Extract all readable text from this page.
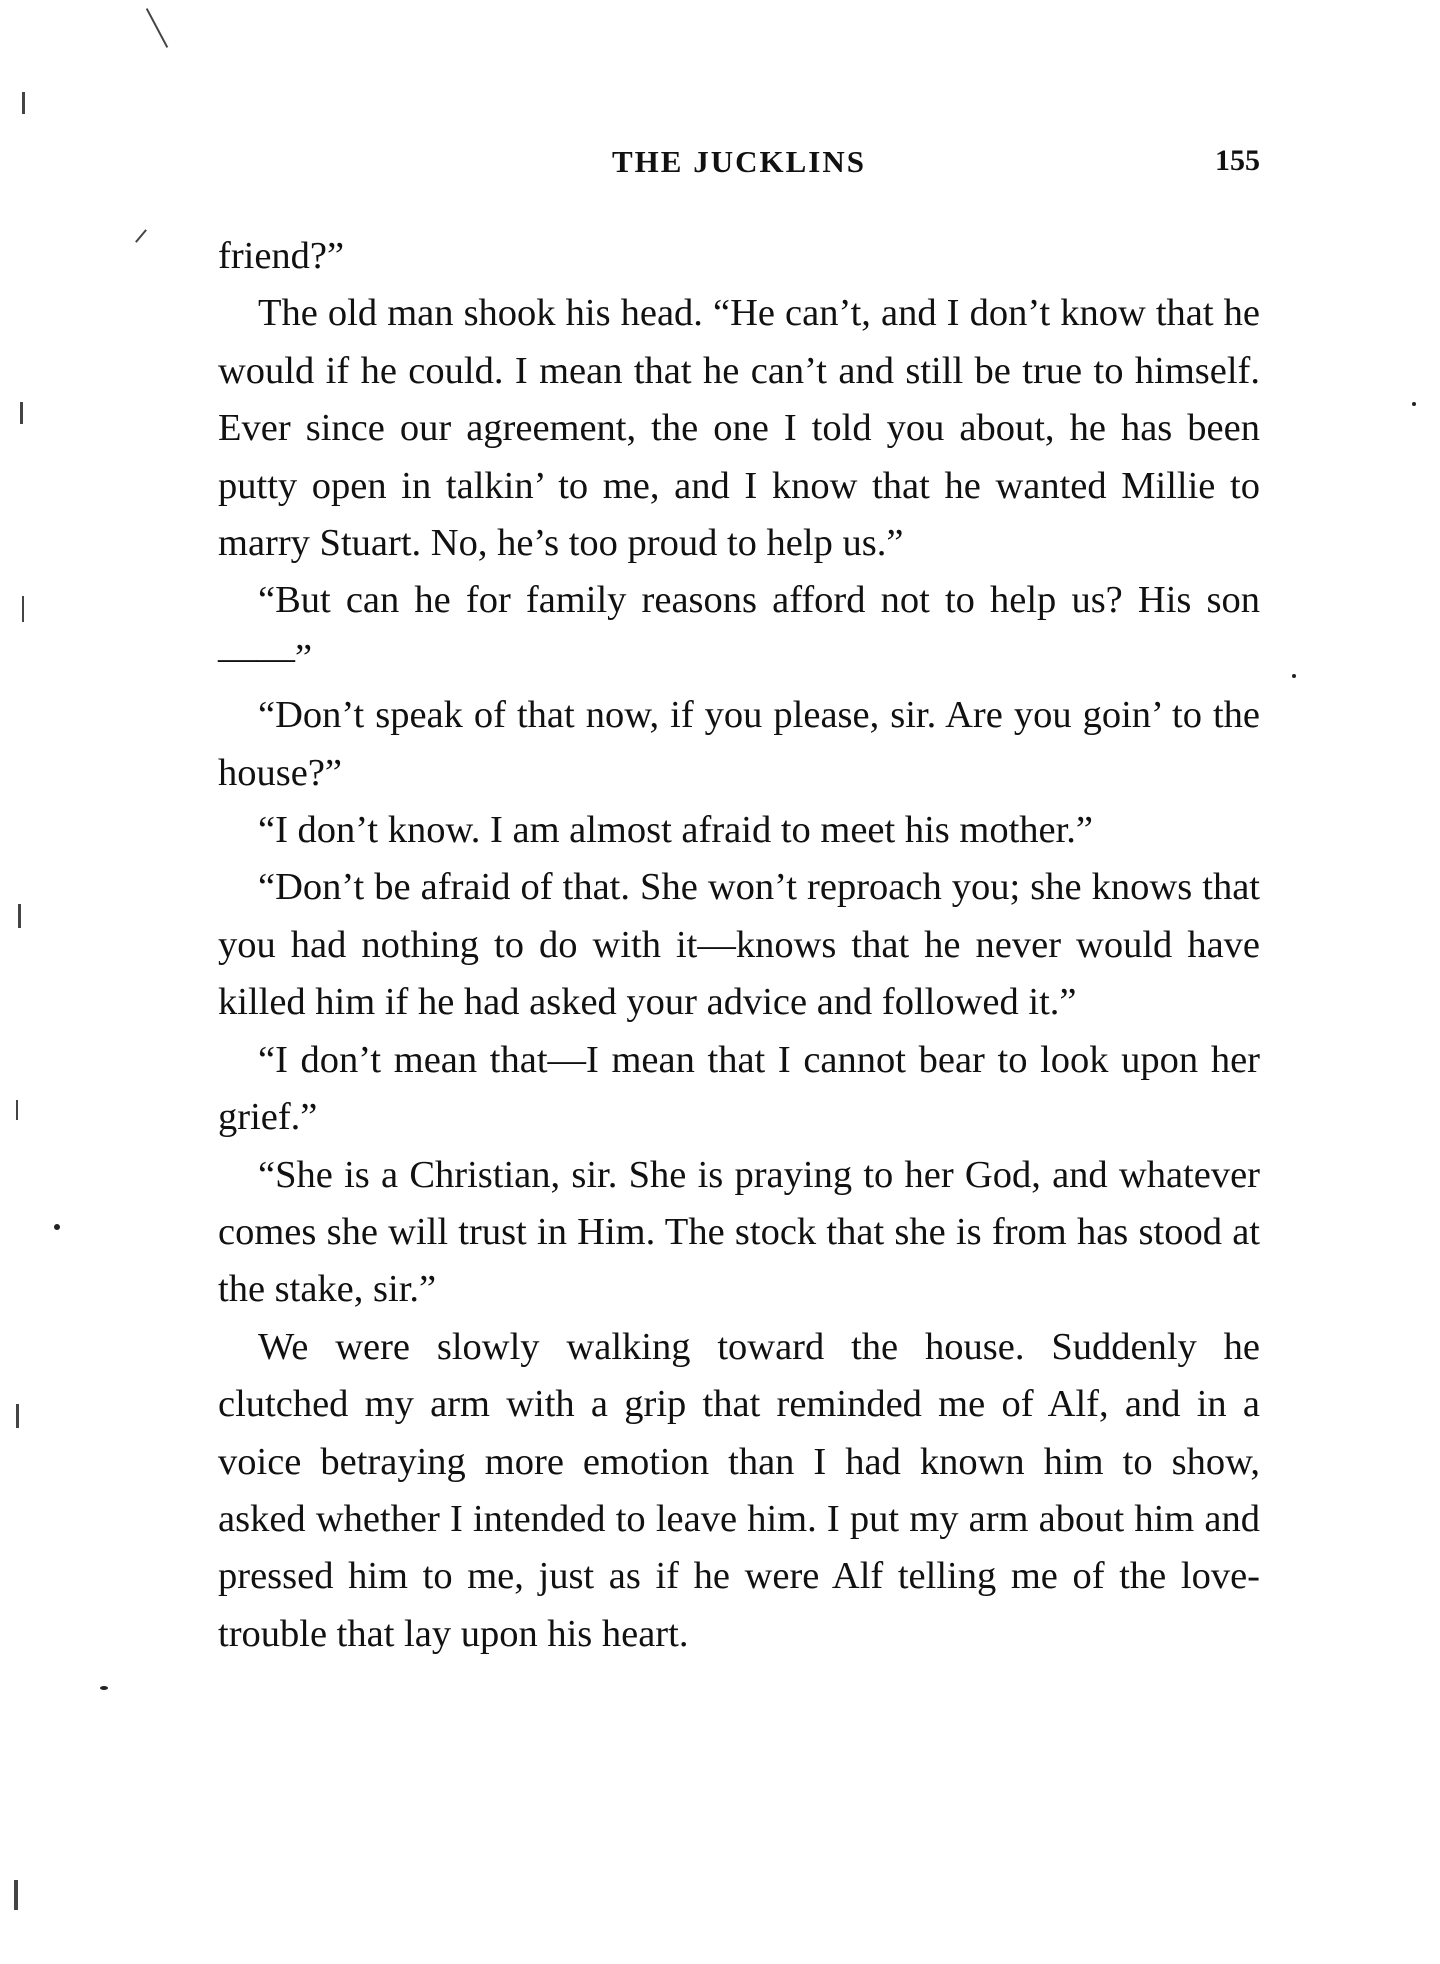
THE JUCKLINS	155

friend?”

The old man shook his head. “He can’t, and I don’t know that he would if he could. I mean that he can’t and still be true to himself. Ever since our agreement, the one I told you about, he has been putty open in talkin’ to me, and I know that he wanted Millie to marry Stuart. No, he’s too proud to help us.”

“But can he for family reasons afford not to help us? His son——”

“Don’t speak of that now, if you please, sir. Are you goin’ to the house?”

“I don’t know. I am almost afraid to meet his mother.”

“Don’t be afraid of that. She won’t reproach you; she knows that you had nothing to do with it—knows that he never would have killed him if he had asked your advice and followed it.”

“I don’t mean that—I mean that I cannot bear to look upon her grief.”

“She is a Christian, sir. She is praying to her God, and whatever comes she will trust in Him. The stock that she is from has stood at the stake, sir.”

We were slowly walking toward the house. Suddenly he clutched my arm with a grip that reminded me of Alf, and in a voice betraying more emotion than I had known him to show, asked whether I intended to leave him. I put my arm about him and pressed him to me, just as if he were Alf telling me of the love-trouble that lay upon his heart.
